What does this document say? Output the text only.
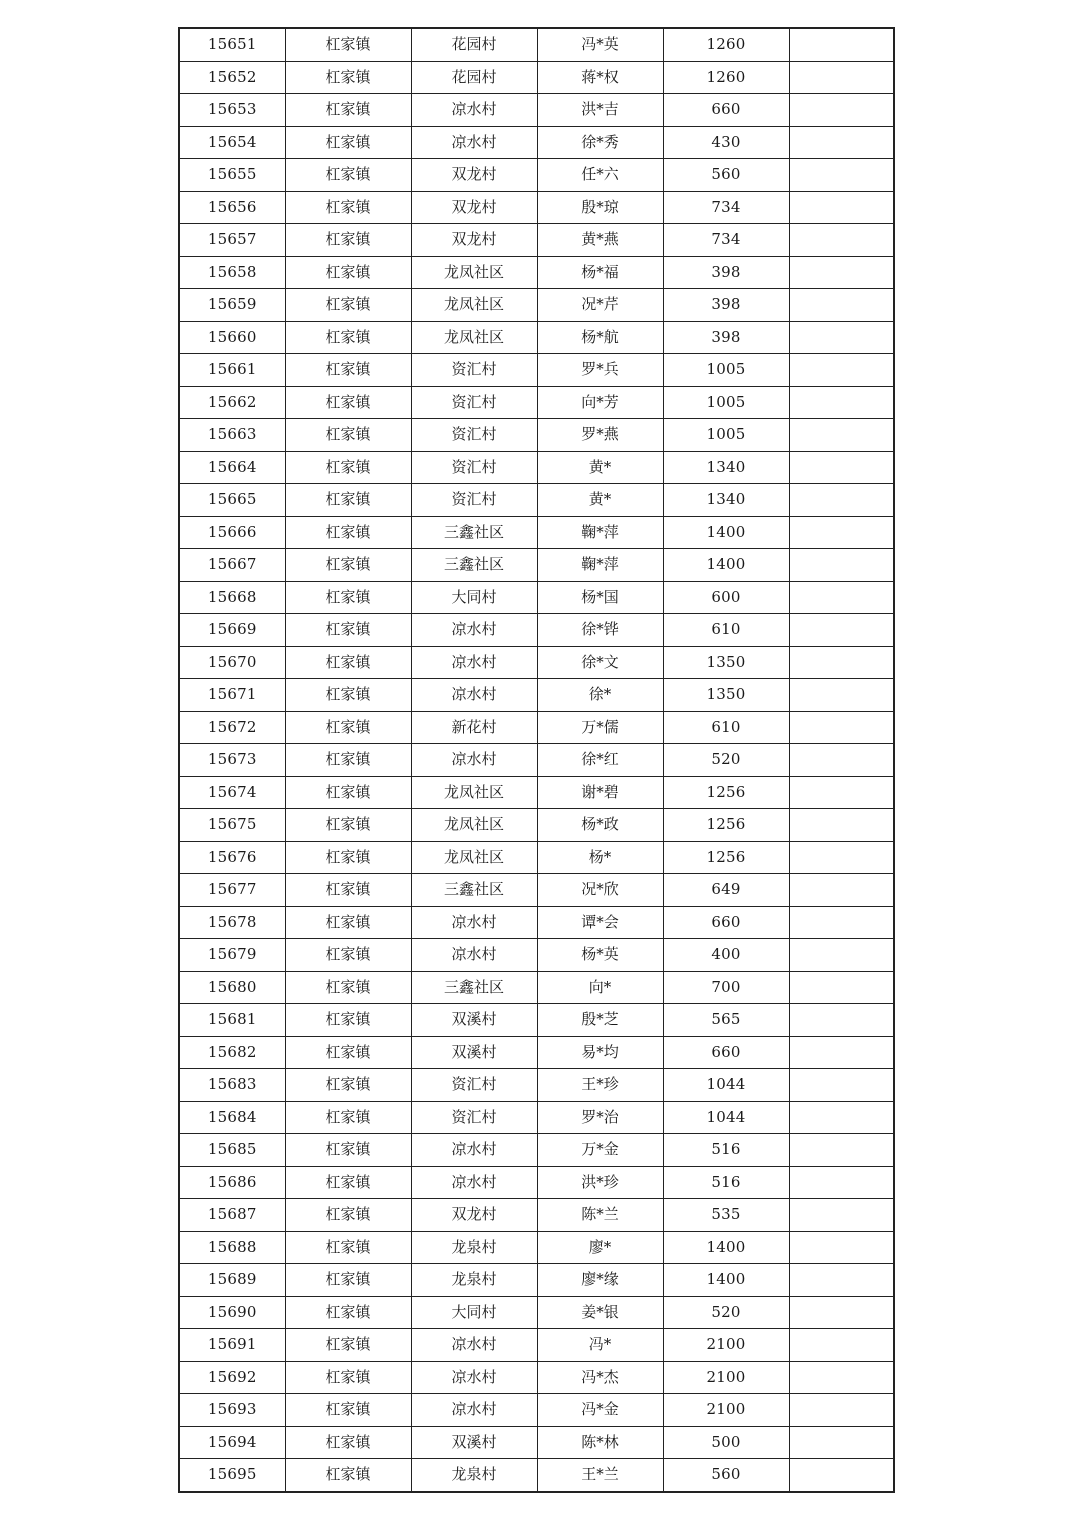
15651	杠家镇	花园村	冯*英	1260	
15652	杠家镇	花园村	蒋*权	1260	
15653	杠家镇	凉水村	洪*吉	660	
15654	杠家镇	凉水村	徐*秀	430	
15655	杠家镇	双龙村	任*六	560	
15656	杠家镇	双龙村	殷*琼	734	
15657	杠家镇	双龙村	黄*燕	734	
15658	杠家镇	龙凤社区	杨*福	398	
15659	杠家镇	龙凤社区	况*芹	398	
15660	杠家镇	龙凤社区	杨*航	398	
15661	杠家镇	资汇村	罗*兵	1005	
15662	杠家镇	资汇村	向*芳	1005	
15663	杠家镇	资汇村	罗*燕	1005	
15664	杠家镇	资汇村	黄*	1340	
15665	杠家镇	资汇村	黄*	1340	
15666	杠家镇	三鑫社区	鞠*萍	1400	
15667	杠家镇	三鑫社区	鞠*萍	1400	
15668	杠家镇	大同村	杨*国	600	
15669	杠家镇	凉水村	徐*铧	610	
15670	杠家镇	凉水村	徐*文	1350	
15671	杠家镇	凉水村	徐*	1350	
15672	杠家镇	新花村	万*儒	610	
15673	杠家镇	凉水村	徐*红	520	
15674	杠家镇	龙凤社区	谢*碧	1256	
15675	杠家镇	龙凤社区	杨*政	1256	
15676	杠家镇	龙凤社区	杨*	1256	
15677	杠家镇	三鑫社区	况*欣	649	
15678	杠家镇	凉水村	谭*会	660	
15679	杠家镇	凉水村	杨*英	400	
15680	杠家镇	三鑫社区	向*	700	
15681	杠家镇	双溪村	殷*芝	565	
15682	杠家镇	双溪村	易*均	660	
15683	杠家镇	资汇村	王*珍	1044	
15684	杠家镇	资汇村	罗*治	1044	
15685	杠家镇	凉水村	万*金	516	
15686	杠家镇	凉水村	洪*珍	516	
15687	杠家镇	双龙村	陈*兰	535	
15688	杠家镇	龙泉村	廖*	1400	
15689	杠家镇	龙泉村	廖*缘	1400	
15690	杠家镇	大同村	姜*银	520	
15691	杠家镇	凉水村	冯*	2100	
15692	杠家镇	凉水村	冯*杰	2100	
15693	杠家镇	凉水村	冯*金	2100	
15694	杠家镇	双溪村	陈*林	500	
15695	杠家镇	龙泉村	王*兰	560	
